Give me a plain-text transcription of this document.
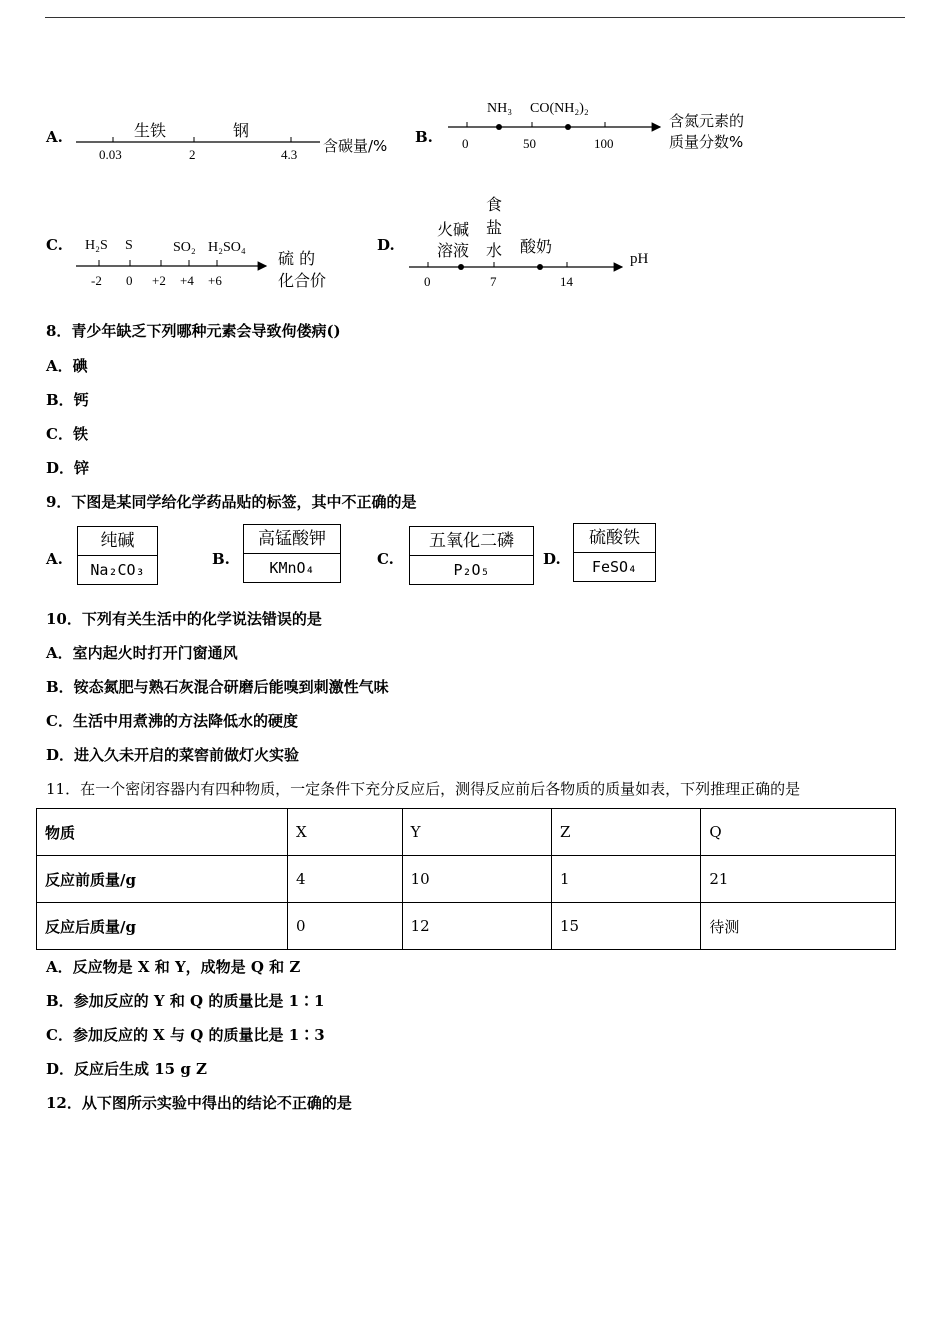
A.	生铁	钢
0.03	2	4.3 含碳量/% B.
NH₃ CO(NH₂)₂
0	50	100
含氮元素的
质量分数%
C. H₂S S	SO₂ H₂SO₄
-2 0 +2 +4 +6
硫 的
化合价
D.
火碱
溶液
食
盐
水 酸奶
0	7	14
pH
8．青少年缺乏下列哪种元素会导致佝偻病()
A．碘
B．钙
C．铁
D．锌
9．下图是某同学给化学药品贴的标签，其中不正确的是
A.
纯碱
Na₂CO₃
B.
高锰酸钾
KMnO₄	C.
五氧化二磷
P₂O₅
D.
硫酸铁
FeSO₄
10．下列有关生活中的化学说法错误的是
A．室内起火时打开门窗通风
B．铵态氮肥与熟石灰混合研磨后能嗅到刺激性气味
C．生活中用煮沸的方法降低水的硬度
D．进入久未开启的菜窖前做灯火实验
11．在一个密闭容器内有四种物质，一定条件下充分反应后，测得反应前后各物质的质量如表，下列推理正确的是
物质	X	Y	Z	Q
反应前质量/g	4	10	1	21
反应后质量/g	0	12	15	待测
A．反应物是 X 和 Y，成物是 Q 和 Z
B．参加反应的 Y 和 Q 的质量比是 1∶1
C．参加反应的 X 与 Q 的质量比是 1∶3
D．反应后生成 15 g Z
12．从下图所示实验中得出的结论不正确的是
